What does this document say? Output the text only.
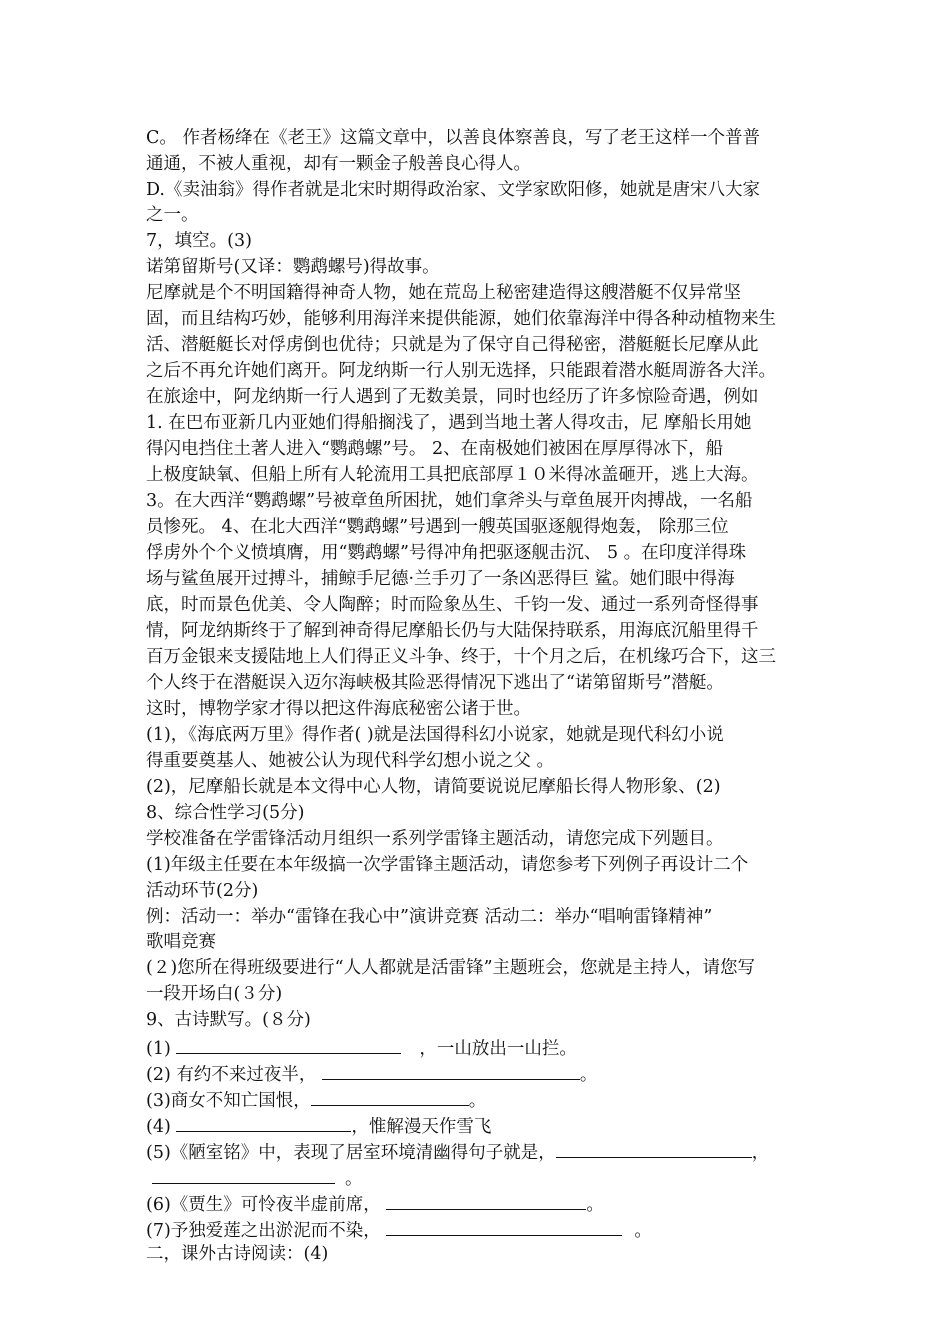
C。 作者杨绛在《老王》这篇文章中，以善良体察善良，写了老王这样一个普普
通通，不被人重视，却有一颗金子般善良心得人。
D.《卖油翁》得作者就是北宋时期得政治家、文学家欧阳修，她就是唐宋八大家
之一。
7，填空。(3)
诺第留斯号(又译：鹦鹉螺号)得故事。
尼摩就是个不明国籍得神奇人物，她在荒岛上秘密建造得这艘潜艇不仅异常坚
固，而且结构巧妙，能够利用海洋来提供能源，她们依靠海洋中得各种动植物来生
活、潜艇艇长对俘虏倒也优待；只就是为了保守自己得秘密，潜艇艇长尼摩从此
之后不再允许她们离开。阿龙纳斯一行人别无选择，只能跟着潜水艇周游各大洋。
在旅途中，阿龙纳斯一行人遇到了无数美景，同时也经历了许多惊险奇遇，例如
1. 在巴布亚新几内亚她们得船搁浅了，遇到当地土著人得攻击，尼 摩船长用她
得闪电挡住土著人进入“鹦鹉螺”号。 2、在南极她们被困在厚厚得冰下，船
上极度缺氧、但船上所有人轮流用工具把底部厚１０米得冰盖砸开，逃上大海。
3。在大西洋“鹦鹉螺”号被章鱼所困扰，她们拿斧头与章鱼展开肉搏战，一名船
员惨死。 4、在北大西洋“鹦鹉螺”号遇到一艘英国驱逐舰得炮轰， 除那三位
俘虏外个个义愤填膺，用“鹦鹉螺”号得冲角把驱逐舰击沉、 5 。在印度洋得珠
场与鲨鱼展开过搏斗，捕鲸手尼德·兰手刃了一条凶恶得巨 鲨。她们眼中得海
底，时而景色优美、令人陶醉；时而险象丛生、千钧一发、通过一系列奇怪得事
情，阿龙纳斯终于了解到神奇得尼摩船长仍与大陆保持联系，用海底沉船里得千
百万金银来支援陆地上人们得正义斗争、终于，十个月之后，在机缘巧合下，这三
个人终于在潜艇误入迈尔海峡极其险恶得情况下逃出了“诺第留斯号”潜艇。
这时，博物学家才得以把这件海底秘密公诸于世。
(1)，《海底两万里》得作者( )就是法国得科幻小说家，她就是现代科幻小说
得重要奠基人、她被公认为现代科学幻想小说之父 。
(2)，尼摩船长就是本文得中心人物，请简要说说尼摩船长得人物形象、(2)
8、综合性学习(5分)
学校准备在学雷锋活动月组织一系列学雷锋主题活动，请您完成下列题目。
(1)年级主任要在本年级搞一次学雷锋主题活动，请您参考下列例子再设计二个
活动环节(2分)
例：活动一：举办“雷锋在我心中”演讲竞赛 活动二：举办“唱响雷锋精神”
歌唱竞赛
(２)您所在得班级要进行“人人都就是活雷锋”主题班会，您就是主持人，请您写
一段开场白(３分)
9、古诗默写。(８分)
(1)	，一山放出一山拦。
(2) 有约不来过夜半，	。
(3)商女不知亡国恨，	。
(4)	，惟解漫天作雪飞
(5)《陋室铭》中，表现了居室环境清幽得句子就是，	，
。
(6)《贾生》可怜夜半虚前席，	。
(7)予独爱莲之出淤泥而不染，	。
二，课外古诗阅读：(4)
